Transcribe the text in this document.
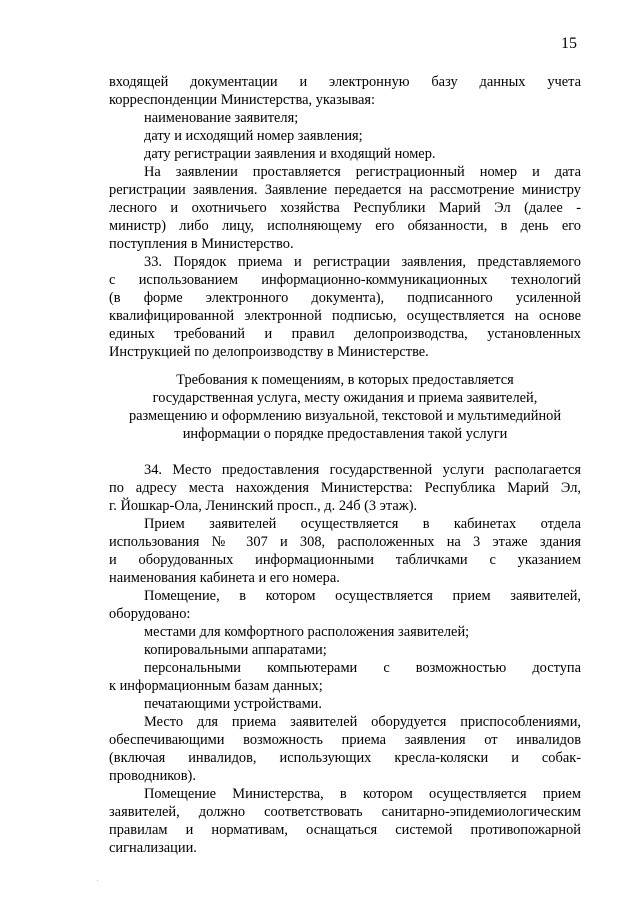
15
входящей документации и электронную базу данных учета
корреспонденции Министерства, указывая:
наименование заявителя;
дату и исходящий номер заявления;
дату регистрации заявления и входящий номер.
На заявлении проставляется регистрационный номер и дата
регистрации заявления. Заявление передается на рассмотрение министру
лесного и охотничьего хозяйства Республики Марий Эл (далее -
министр) либо лицу, исполняющему его обязанности, в день его
поступления в Министерство.
33. Порядок приема и регистрации заявления, представляемого
с использованием информационно-коммуникационных технологий
(в форме электронного документа), подписанного усиленной
квалифицированной электронной подписью, осуществляется на основе
единых требований и правил делопроизводства, установленных
Инструкцией по делопроизводству в Министерстве.
Требования к помещениям, в которых предоставляется
государственная услуга, месту ожидания и приема заявителей,
размещению и оформлению визуальной, текстовой и мультимедийной
информации о порядке предоставления такой услуги
34. Место предоставления государственной услуги располагается
по адресу места нахождения Министерства: Республика Марий Эл,
г. Йошкар-Ола, Ленинский просп., д. 24б (3 этаж).
Прием заявителей осуществляется в кабинетах отдела
использования № 307 и 308, расположенных на 3 этаже здания
и оборудованных информационными табличками с указанием
наименования кабинета и его номера.
Помещение, в котором осуществляется прием заявителей,
оборудовано:
местами для комфортного расположения заявителей;
копировальными аппаратами;
персональными компьютерами с возможностью доступа
к информационным базам данных;
печатающими устройствами.
Место для приема заявителей оборудуется приспособлениями,
обеспечивающими возможность приема заявления от инвалидов
(включая инвалидов, использующих кресла-коляски и собак-
проводников).
Помещение Министерства, в котором осуществляется прием
заявителей, должно соответствовать санитарно-эпидемиологическим
правилам и нормативам, оснащаться системой противопожарной
сигнализации.
